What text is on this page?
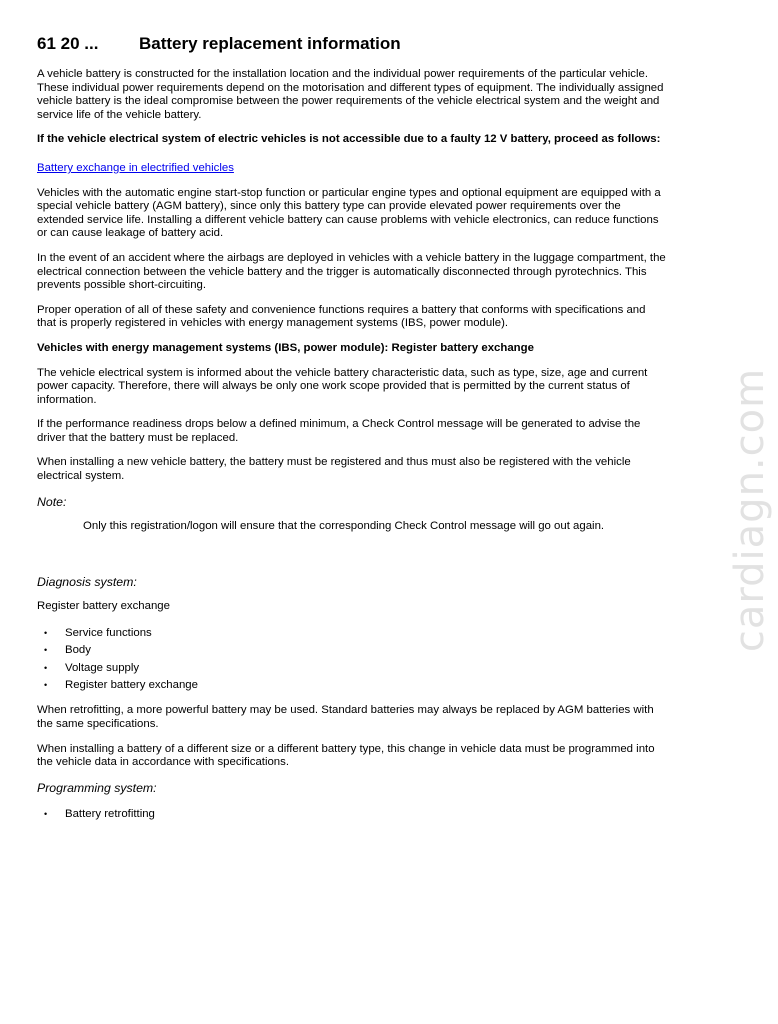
61 20 ...	Battery replacement information

A vehicle battery is constructed for the installation location and the individual power requirements of the particular vehicle. These individual power requirements depend on the motorisation and different types of equipment. The individually assigned vehicle battery is the ideal compromise between the power requirements of the vehicle electrical system and the weight and service life of the vehicle battery.

If the vehicle electrical system of electric vehicles is not accessible due to a faulty 12 V battery, proceed as follows:

Battery exchange in electrified vehicles

Vehicles with the automatic engine start-stop function or particular engine types and optional equipment are equipped with a special vehicle battery (AGM battery), since only this battery type can provide elevated power requirements over the extended service life. Installing a different vehicle battery can cause problems with vehicle electronics, can reduce functions or can cause leakage of battery acid.

In the event of an accident where the airbags are deployed in vehicles with a vehicle battery in the luggage compartment, the electrical connection between the vehicle battery and the trigger is automatically disconnected through pyrotechnics. This prevents possible short-circuiting.

Proper operation of all of these safety and convenience functions requires a battery that conforms with specifications and that is properly registered in vehicles with energy management systems (IBS, power module).

Vehicles with energy management systems (IBS, power module): Register battery exchange

The vehicle electrical system is informed about the vehicle battery characteristic data, such as type, size, age and current power capacity. Therefore, there will always be only one work scope provided that is permitted by the current status of information.

If the performance readiness drops below a defined minimum, a Check Control message will be generated to advise the driver that the battery must be replaced.

When installing a new vehicle battery, the battery must be registered and thus must also be registered with the vehicle electrical system.

Note:
Only this registration/logon will ensure that the corresponding Check Control message will go out again.
Diagnosis system:

Register battery exchange

• Service functions
• Body
• Voltage supply
• Register battery exchange

When retrofitting, a more powerful battery may be used. Standard batteries may always be replaced by AGM batteries with the same specifications.

When installing a battery of a different size or a different battery type, this change in vehicle data must be programmed into the vehicle data in accordance with specifications.

Programming system:
• Battery retrofitting
cardiagn.com
